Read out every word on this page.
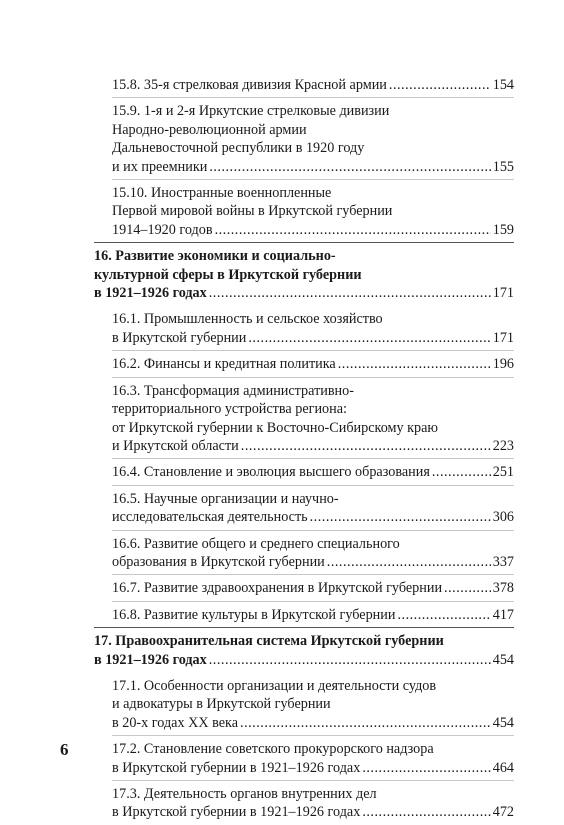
15.8. 35-я стрелковая дивизия Красной армии .....	154
15.9. 1-я и 2-я Иркутские стрелковые дивизии
Народно-революционной армии
Дальневосточной республики в 1920 году
и их преемники .....	155
15.10. Иностранные военнопленные
Первой мировой войны в Иркутской губернии
1914–1920 годов .....	159
16. Развитие экономики и социально-
культурной сферы в Иркутской губернии
в 1921–1926 годах .....	171
16.1. Промышленность и сельское хозяйство
в Иркутской губернии .....	171
16.2. Финансы и кредитная политика .....	196
16.3. Трансформация административно-
территориального устройства региона:
от Иркутской губернии к Восточно-Сибирскому краю
и Иркутской области .....	223
16.4. Становление и эволюция высшего образования .....	251
16.5. Научные организации и научно-
исследовательская деятельность .....	306
16.6. Развитие общего и среднего специального
образования в Иркутской губернии .....	337
16.7. Развитие здравоохранения в Иркутской губернии .....	378
16.8. Развитие культуры в Иркутской губернии .....	417
17. Правоохранительная система Иркутской губернии
в 1921–1926 годах .....	454
17.1. Особенности организации и деятельности судов
и адвокатуры в Иркутской губернии
в 20-х годах XX века .....	454
17.2. Становление советского прокурорского надзора
в Иркутской губернии в 1921–1926 годах .....	464
17.3. Деятельность органов внутренних дел
в Иркутской губернии в 1921–1926 годах .....	472
6
